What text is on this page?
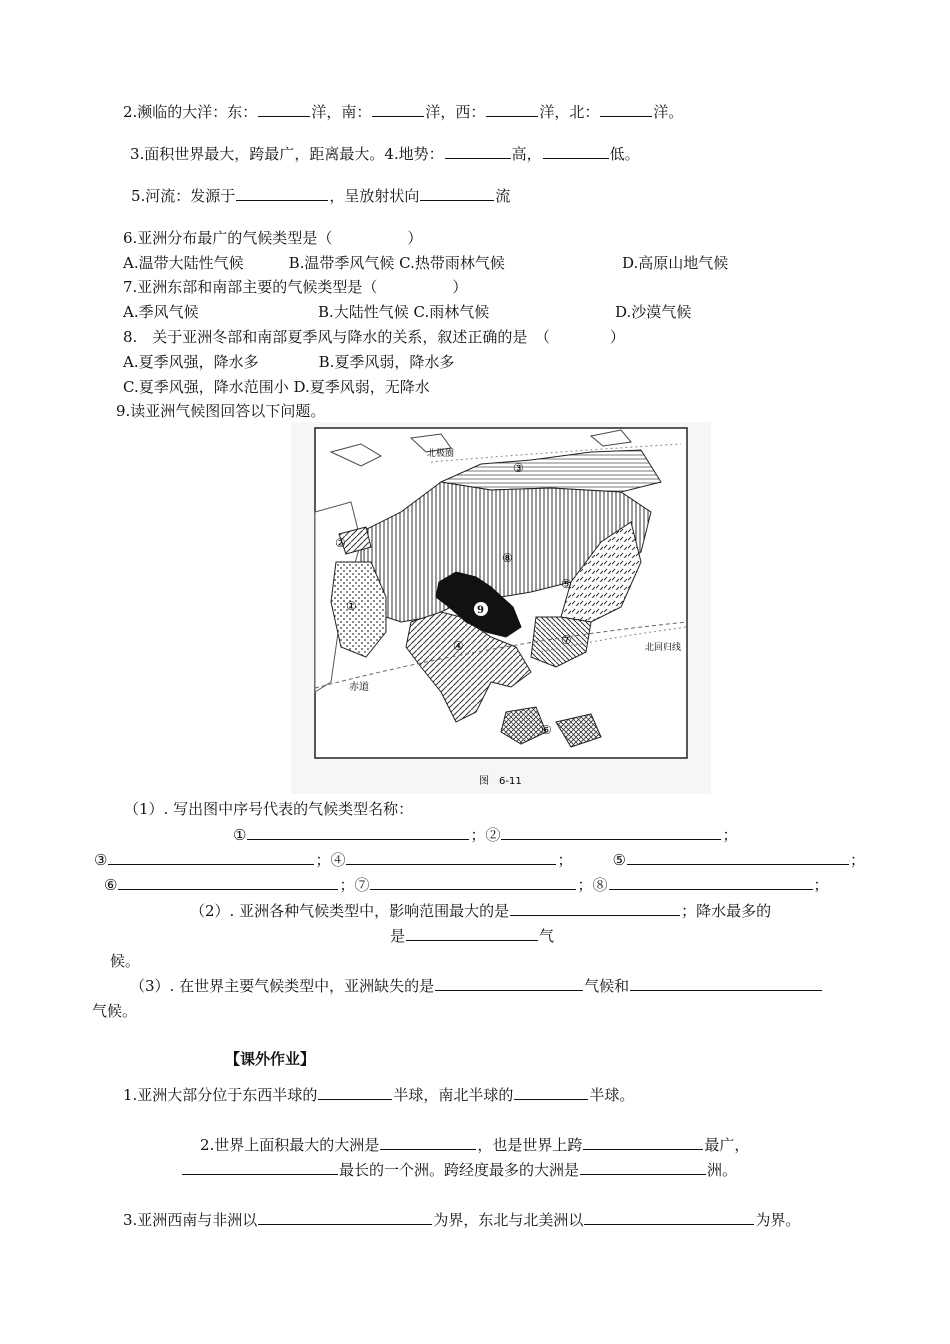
2.濒临的大洋：东：	洋，南：	洋，西：	洋，北：	洋。
3.面积世界最大，跨最广，距离最大。4.地势：	高，	低。
5.河流：发源于	，呈放射状向	流
6.亚洲分布最广的气候类型是（　　　　　）
A.温带大陆性气候　　　B.温带季风气候 C.热带雨林气候	D.高原山地气候
7.亚洲东部和南部主要的气候类型是（　　　　　）
A.季风气候	B.大陆性气候 C.雨林气候	D.沙漠气候
8.　关于亚洲冬部和南部夏季风与降水的关系，叙述正确的是　（　　　　）
A.夏季风强，降水多　　　　B.夏季风弱，降水多
C.夏季风强，降水范围小 D.夏季风弱，无降水
9.读亚洲气候图回答以下问题。
赤道
北回归线
北极圈
①
②
③
④
⑤
⑥
⑦
⑧
9
图　6-11
（1）. 写出图中序号代表的气候类型名称：
①	；②	；
③	；④	；	⑤	；
⑥	；⑦	；⑧	；
（2）. 亚洲各种气候类型中，影响范围最大的是	；降水最多的
是	气
候。
（3）. 在世界主要气候类型中，亚洲缺失的是	气候和
气候。
【课外作业】
1.亚洲大部分位于东西半球的	半球，南北半球的	半球。
2.世界上面积最大的大洲是	，也是世界上跨	最广，
最长的一个洲。跨经度最多的大洲是	洲。
3.亚洲西南与非洲以	为界，东北与北美洲以	为界。
